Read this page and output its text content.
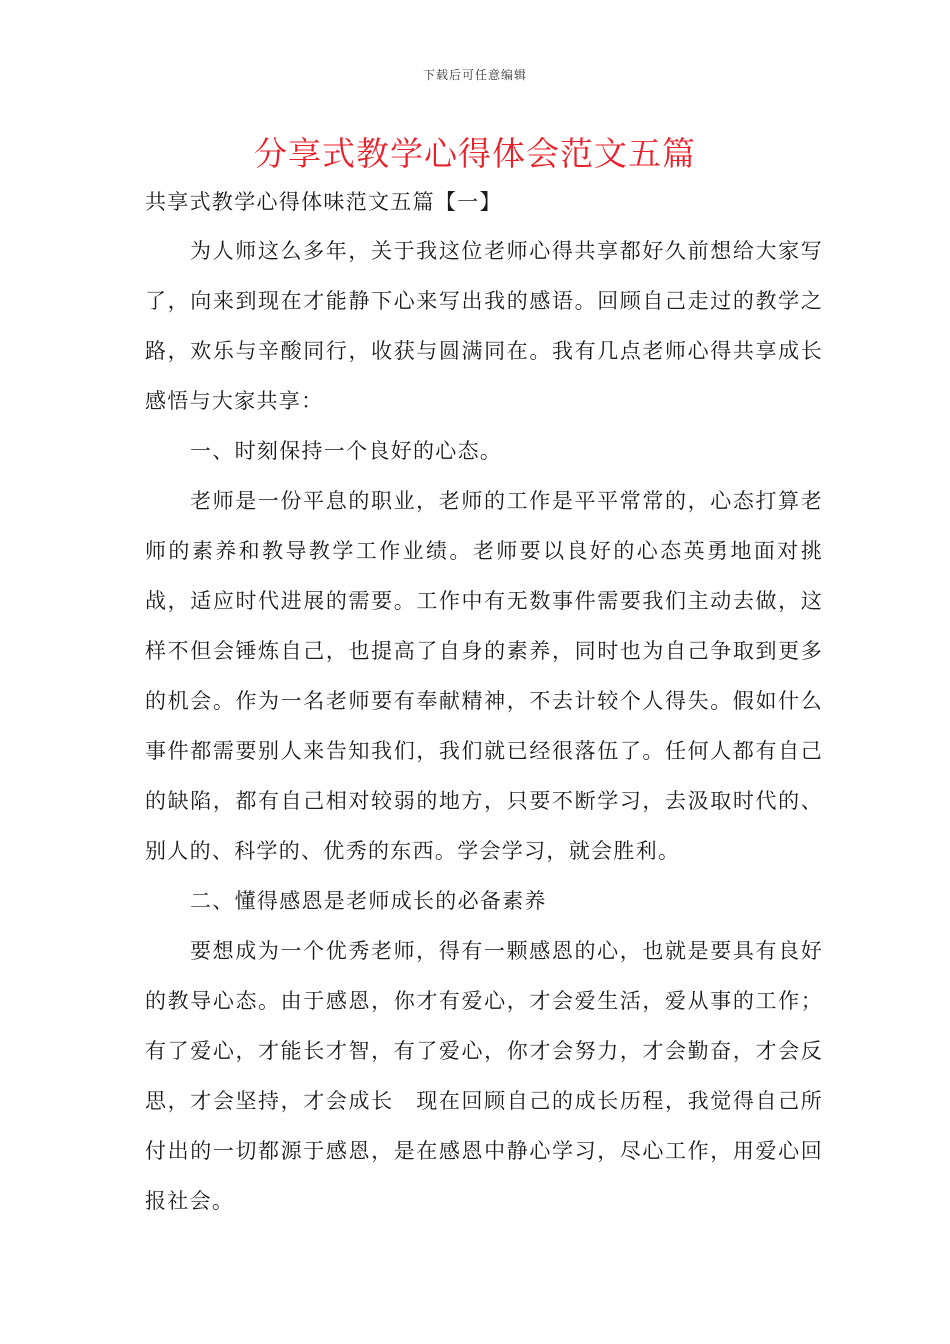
下载后可任意编辑
分享式教学心得体会范文五篇
共享式教学心得体味范文五篇【一】

为人师这么多年，关于我这位老师心得共享都好久前想给大家写了，向来到现在才能静下心来写出我的感语。回顾自己走过的教学之路，欢乐与辛酸同行，收获与圆满同在。我有几点老师心得共享成长感悟与大家共享：

一、时刻保持一个良好的心态。

老师是一份平息的职业，老师的工作是平平常常的，心态打算老师的素养和教导教学工作业绩。老师要以良好的心态英勇地面对挑战，适应时代进展的需要。工作中有无数事件需要我们主动去做，这样不但会锤炼自己，也提高了自身的素养，同时也为自己争取到更多的机会。作为一名老师要有奉献精神，不去计较个人得失。假如什么事件都需要别人来告知我们，我们就已经很落伍了。任何人都有自己的缺陷，都有自己相对较弱的地方，只要不断学习，去汲取时代的、别人的、科学的、优秀的东西。学会学习，就会胜利。

二、懂得感恩是老师成长的必备素养

要想成为一个优秀老师，得有一颗感恩的心，也就是要具有良好的教导心态。由于感恩，你才有爱心，才会爱生活，爱从事的工作；有了爱心，才能长才智，有了爱心，你才会努力，才会勤奋，才会反思，才会坚持，才会成长　现在回顾自己的成长历程，我觉得自己所付出的一切都源于感恩，是在感恩中静心学习，尽心工作，用爱心回报社会。
